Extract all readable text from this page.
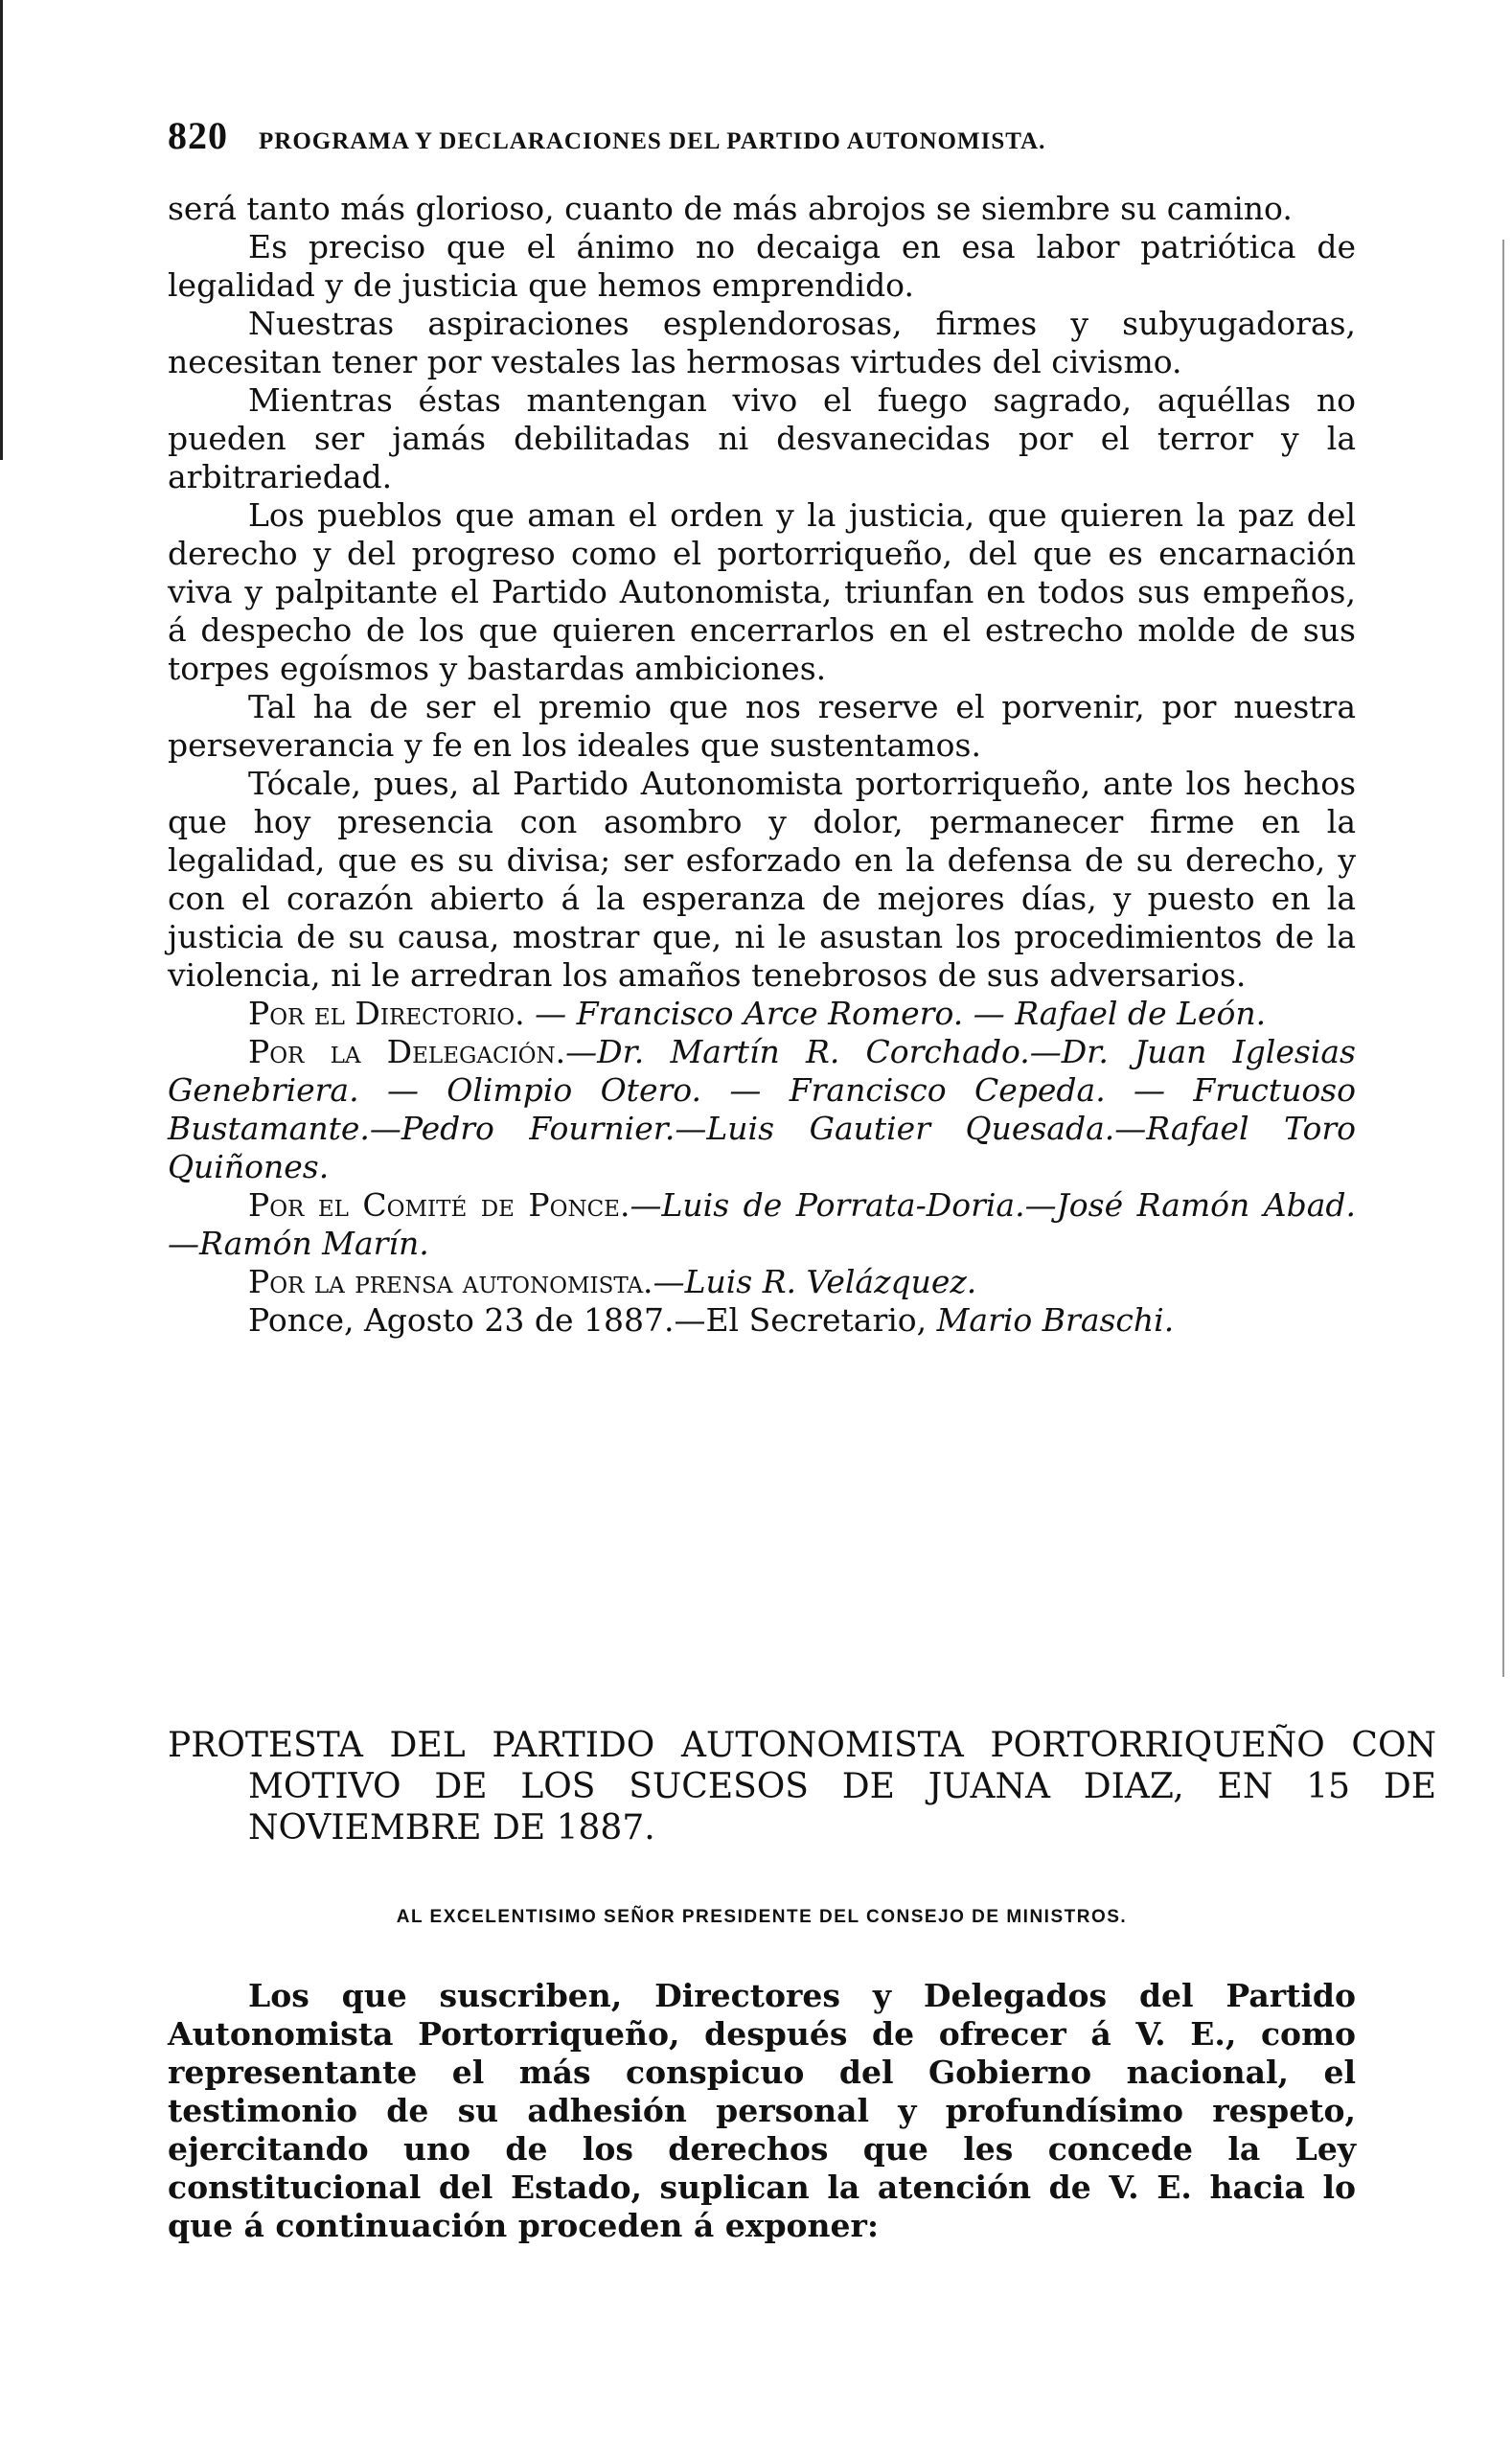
820 PROGRAMA Y DECLARACIONES DEL PARTIDO AUTONOMISTA.

será tanto más glorioso, cuanto de más abrojos se siembre su camino.

Es preciso que el ánimo no decaiga en esa labor patriótica de legalidad y de justicia que hemos emprendido.

Nuestras aspiraciones esplendorosas, firmes y subyugadoras, necesitan tener por vestales las hermosas virtudes del civismo.

Mientras éstas mantengan vivo el fuego sagrado, aquéllas no pueden ser jamás debilitadas ni desvanecidas por el terror y la arbitrariedad.

Los pueblos que aman el orden y la justicia, que quieren la paz del derecho y del progreso como el portorriqueño, del que es encarnación viva y palpitante el Partido Autonomista, triunfan en todos sus empeños, á despecho de los que quieren encerrarlos en el estrecho molde de sus torpes egoísmos y bastardas ambiciones.

Tal ha de ser el premio que nos reserve el porvenir, por nuestra perseverancia y fe en los ideales que sustentamos.

Tócale, pues, al Partido Autonomista portorriqueño, ante los hechos que hoy presencia con asombro y dolor, permanecer firme en la legalidad, que es su divisa; ser esforzado en la defensa de su derecho, y con el corazón abierto á la esperanza de mejores días, y puesto en la justicia de su causa, mostrar que, ni le asustan los procedimientos de la violencia, ni le arredran los amaños tenebrosos de sus adversarios.

Por el Directorio. — Francisco Arce Romero. — Rafael de León.

Por la Delegación.—Dr. Martín R. Corchado.—Dr. Juan Iglesias Genebriera. — Olimpio Otero. — Francisco Cepeda. — Fructuoso Bustamante.—Pedro Fournier.—Luis Gautier Quesada.—Rafael Toro Quiñones.

Por el Comité de Ponce.—Luis de Porrata-Doria.—José Ramón Abad.—Ramón Marín.

Por la prensa autonomista.—Luis R. Velázquez.

Ponce, Agosto 23 de 1887.—El Secretario, Mario Braschi.

PROTESTA DEL PARTIDO AUTONOMISTA PORTORRIQUEÑO CON MOTIVO DE LOS SUCESOS DE JUANA DIAZ, EN 15 DE NOVIEMBRE DE 1887.
AL EXCELENTISIMO SEÑOR PRESIDENTE DEL CONSEJO DE MINISTROS.

Los que suscriben, Directores y Delegados del Partido Autonomista Portorriqueño, después de ofrecer á V. E., como representante el más conspicuo del Gobierno nacional, el testimonio de su adhesión personal y profundísimo respeto, ejercitando uno de los derechos que les concede la Ley constitucional del Estado, suplican la atención de V. E. hacia lo que á continuación proceden á exponer:
